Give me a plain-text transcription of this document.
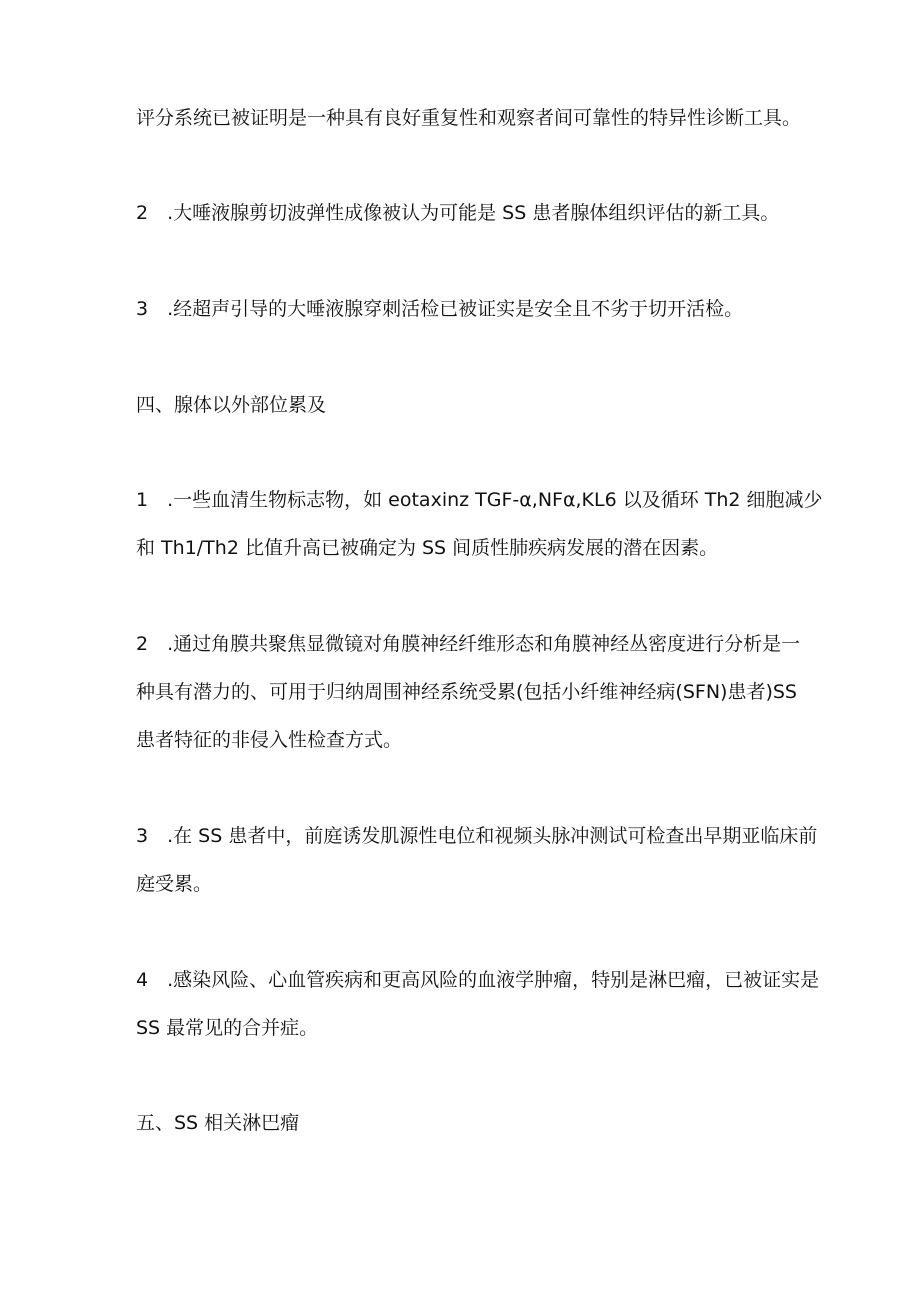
评分系统已被证明是一种具有良好重复性和观察者间可靠性的特异性诊断工具。
2 .大唾液腺剪切波弹性成像被认为可能是 SS 患者腺体组织评估的新工具。
3 .经超声引导的大唾液腺穿刺活检已被证实是安全且不劣于切开活检。
四、腺体以外部位累及
1 .一些血清生物标志物，如 eotaxinz TGF-α,NFα,KL6 以及循环 Th2 细胞减少
和 Th1/Th2 比值升高已被确定为 SS 间质性肺疾病发展的潜在因素。
2 .通过角膜共聚焦显微镜对角膜神经纤维形态和角膜神经丛密度进行分析是一
种具有潜力的、可用于归纳周围神经系统受累(包括小纤维神经病(SFN)患者)SS
患者特征的非侵入性检查方式。
3 .在 SS 患者中，前庭诱发肌源性电位和视频头脉冲测试可检查出早期亚临床前
庭受累。
4 .感染风险、心血管疾病和更高风险的血液学肿瘤，特别是淋巴瘤，已被证实是
SS 最常见的合并症。
五、SS 相关淋巴瘤
